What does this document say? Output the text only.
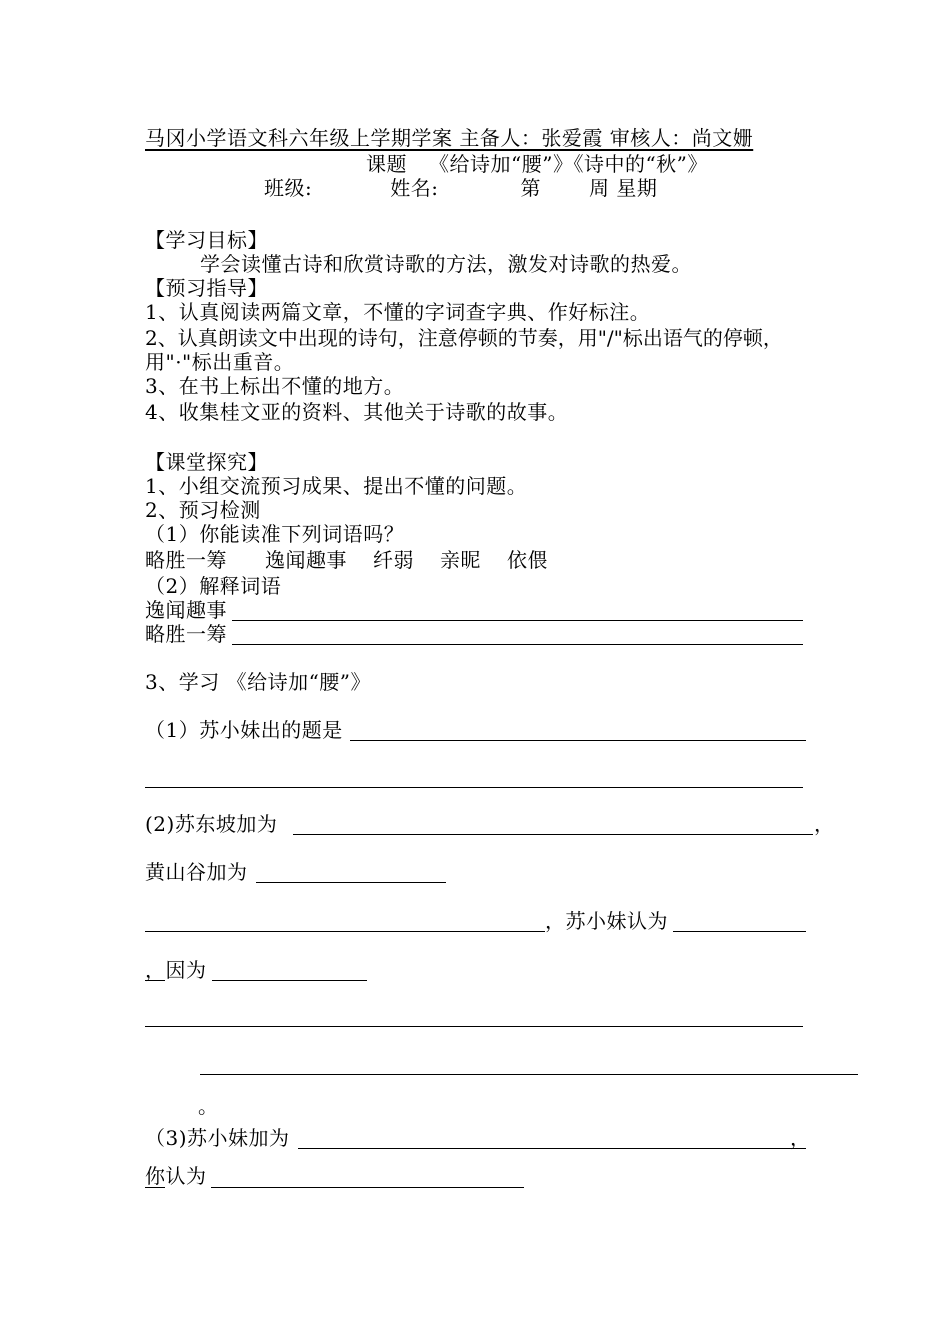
马冈小学语文科六年级上学期学案 主备人：张爱霞 审核人：尚文姗
课题 《给诗加“腰”》《诗中的“秋”》
班级:	姓名:	第 周 星期
【学习目标】
学会读懂古诗和欣赏诗歌的方法，激发对诗歌的热爱。
【预习指导】
1、认真阅读两篇文章，不懂的字词查字典、作好标注。
2、认真朗读文中出现的诗句，注意停顿的节奏，用"/"标出语气的停顿，
用"·"标出重音。
3、在书上标出不懂的地方。
4、收集桂文亚的资料、其他关于诗歌的故事。
【课堂探究】
1、小组交流预习成果、提出不懂的问题。
2、预习检测
（1）你能读准下列词语吗？
略胜一筹 逸闻趣事 纤弱 亲昵 依偎
（2）解释词语
逸闻趣事
略胜一筹
3、学习 《给诗加“腰”》
（1）苏小妹出的题是
(2)苏东坡加为	，
黄山谷加为
，苏小妹认为
，因为
。
（3)苏小妹加为	，
你认为
